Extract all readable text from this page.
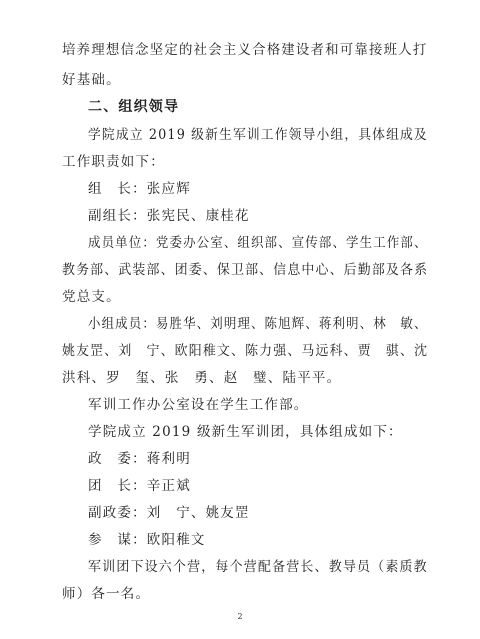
培养理想信念坚定的社会主义合格建设者和可靠接班人打
好基础。
二、组织领导
学院成立 2019 级新生军训工作领导小组，具体组成及
工作职责如下：
组　长：张应辉
副组长：张宪民、康桂花
成员单位：党委办公室、组织部、宣传部、学生工作部、
教务部、武装部、团委、保卫部、信息中心、后勤部及各系
党总支。
小组成员：易胜华、刘明理、陈旭辉、蒋利明、林　敏、
姚友罡、刘　宁、欧阳稚文、陈力强、马远科、贾　骐、沈
洪科、罗　玺、张　勇、赵　璧、陆平平。
军训工作办公室设在学生工作部。
学院成立 2019 级新生军训团，具体组成如下：
政　委：蒋利明
团　长：辛正斌
副政委：刘　宁、姚友罡
参　谋：欧阳稚文
军训团下设六个营，每个营配备营长、教导员（素质教
师）各一名。
2
